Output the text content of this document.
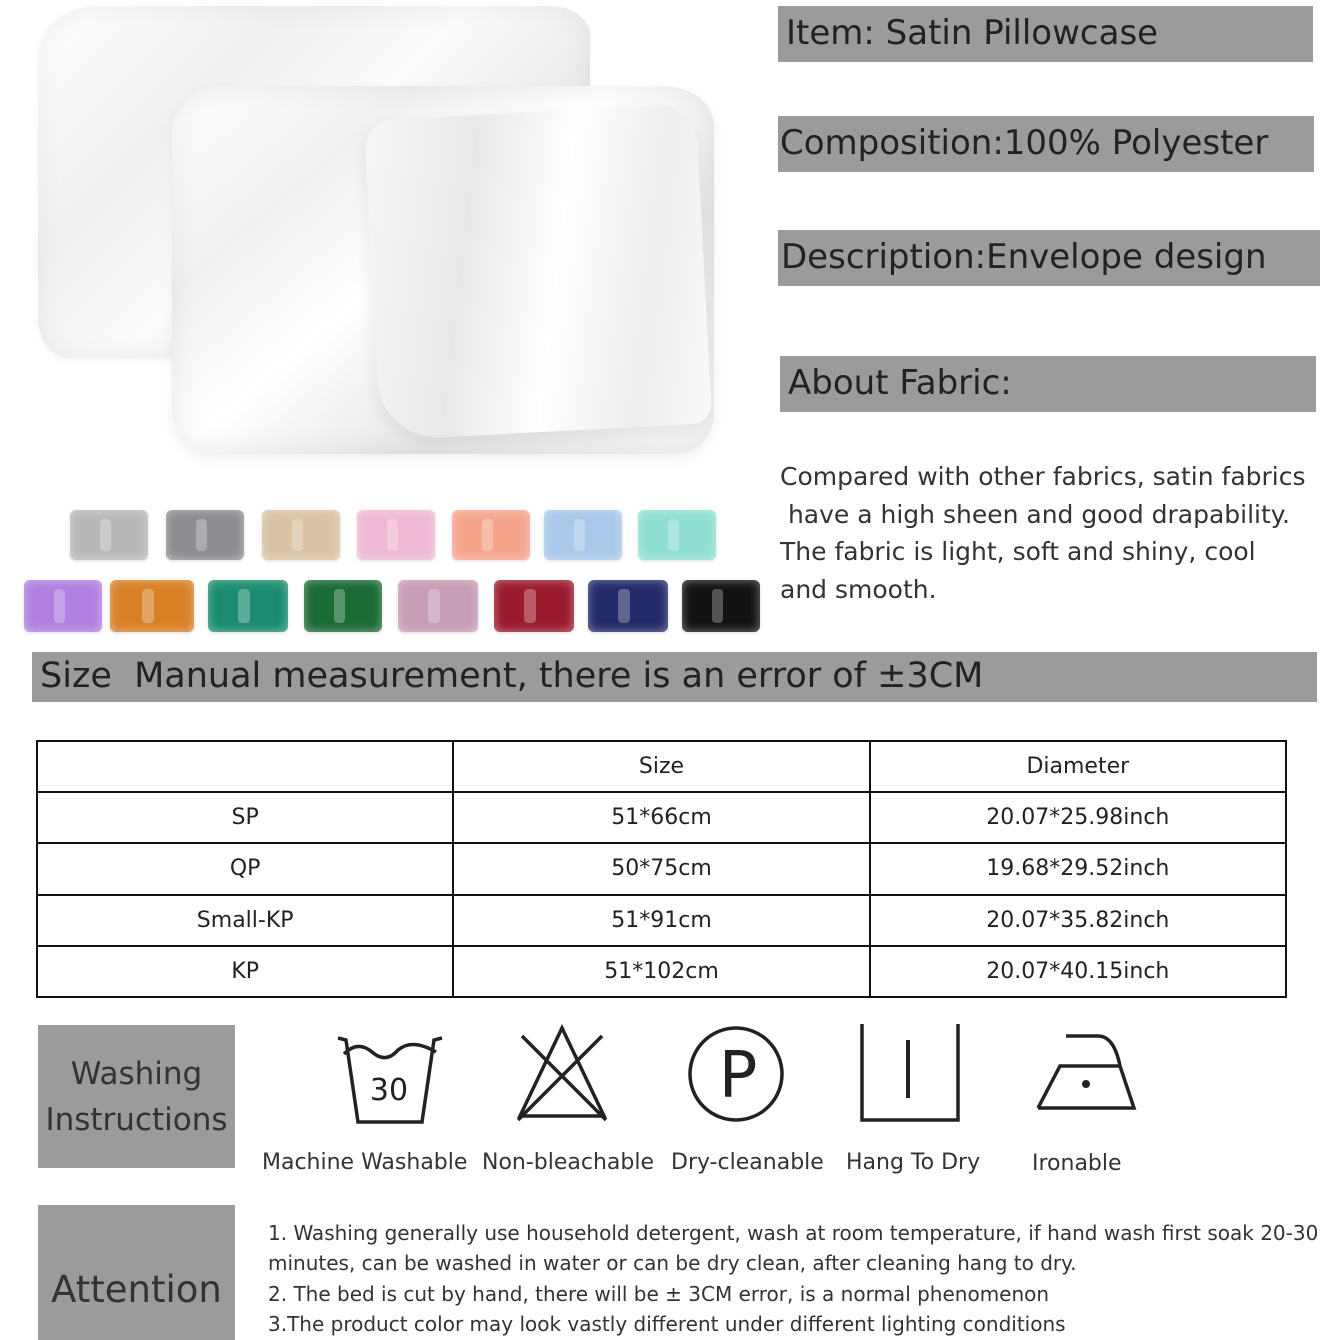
Item: Satin Pillowcase
Composition:100% Polyester
Description:Envelope design
About Fabric:
Compared with other fabrics, satin fabrics
have a high sheen and good drapability.
The fabric is light, soft and shiny, cool
and smooth.
Size  Manual measurement, there is an error of ±3CM
	Size	Diameter
SP	51*66cm	20.07*25.98inch
QP	50*75cm	19.68*29.52inch
Small-KP	51*91cm	20.07*35.82inch
KP	51*102cm	20.07*40.15inch
Washing
Instructions
30	P
Machine Washable Non-bleachable Dry-cleanable Hang To Dry Ironable
Attention
1. Washing generally use household detergent, wash at room temperature, if hand wash first soak 20-30
minutes, can be washed in water or can be dry clean, after cleaning hang to dry.
2. The bed is cut by hand, there will be ± 3CM error, is a normal phenomenon
3.The product color may look vastly different under different lighting conditions
